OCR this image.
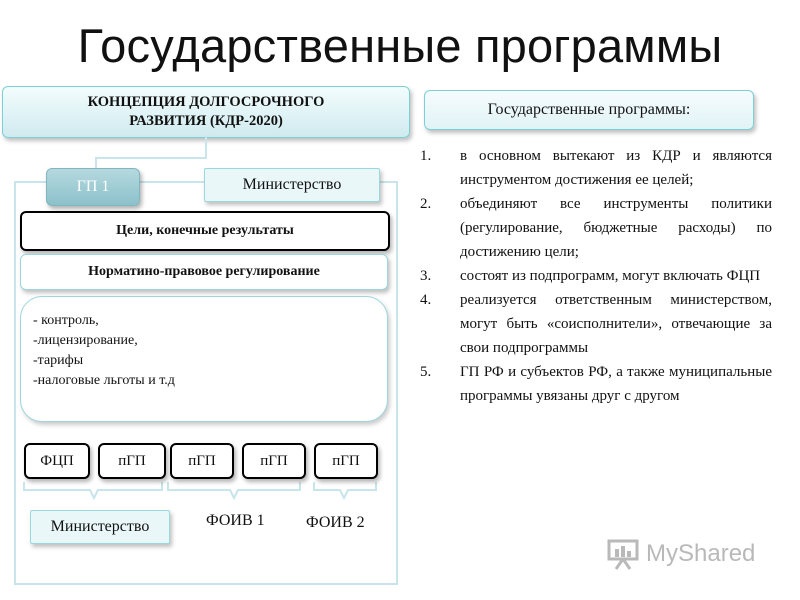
Государственные программы
КОНЦЕПЦИЯ ДОЛГОСРОЧНОГО
РАЗВИТИЯ (КДР-2020)
Государственные программы:
ГП 1	Министерство
Цели, конечные результаты
Норматино-правовое регулирование
- контроль,
-лицензирование,
-тарифы
-налоговые льготы и т.д
ФЦП	пГП	пГП	пГП	пГП
Министерство	ФОИВ 1	ФОИВ 2
1.	в основном вытекают из КДР и являются инструментом достижения ее целей;
2.	объединяют все инструменты политики (регулирование, бюджетные расходы) по достижению цели;
3.	состоят из подпрограмм, могут включать ФЦП
4.	реализуется ответственным министерством, могут быть «соисполнители», отвечающие за свои подпрограммы
5.	ГП РФ и субъектов РФ, а также муниципальные программы увязаны друг с другом
MyShared
